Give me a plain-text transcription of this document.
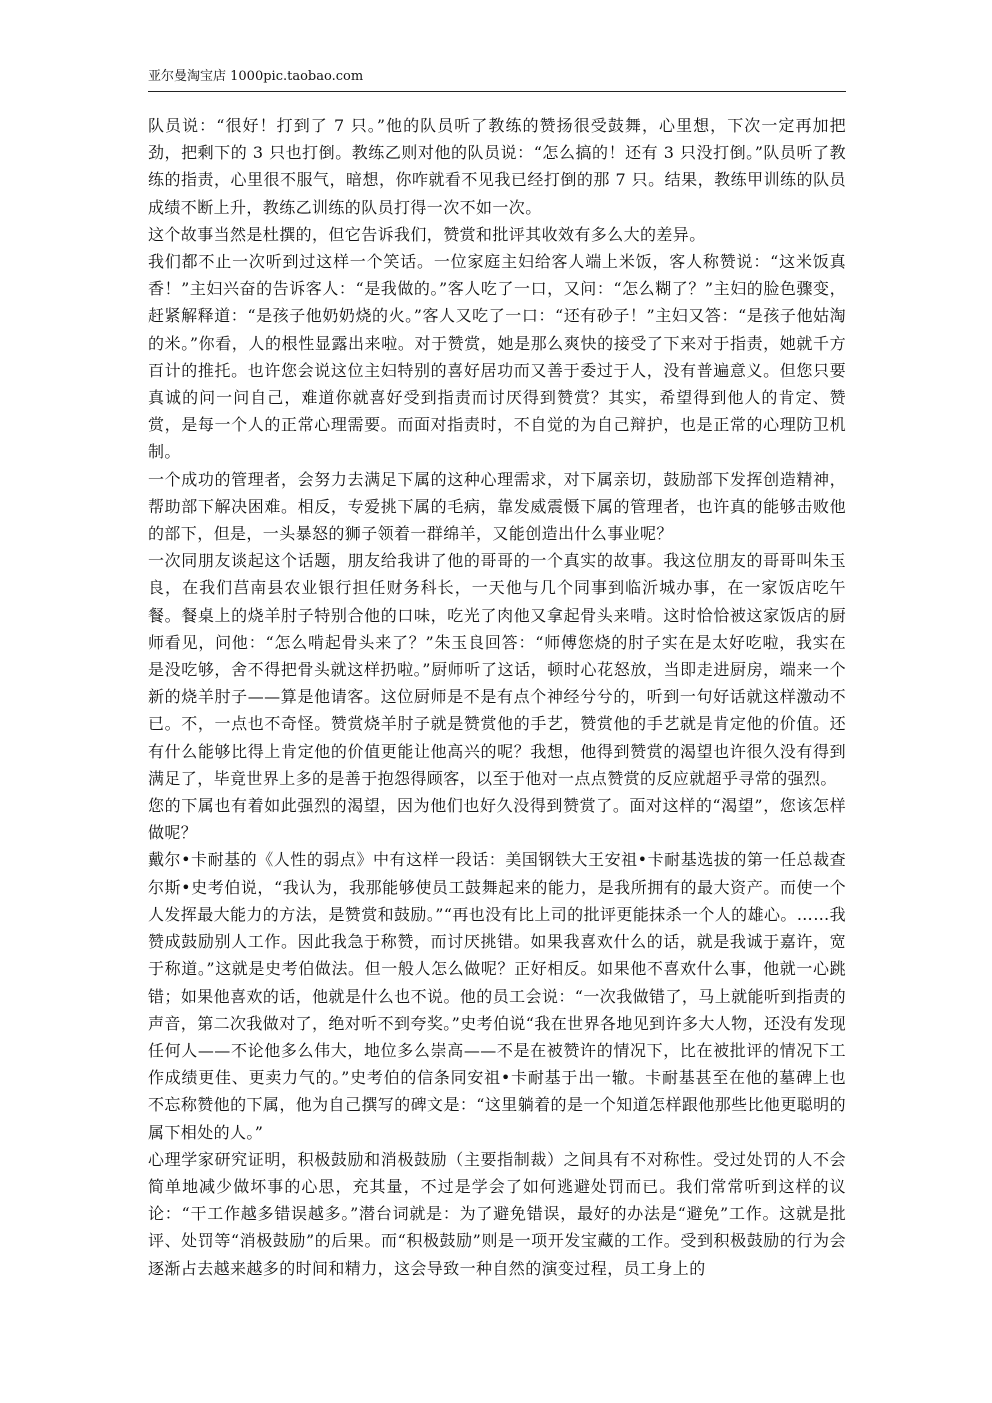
亚尔曼淘宝店 1000pic.taobao.com

队员说：“很好！打到了 7 只。”他的队员听了教练的赞扬很受鼓舞，心里想，下次一定再加把劲，把剩下的 3 只也打倒。教练乙则对他的队员说：“怎么搞的！还有 3 只没打倒。”队员听了教练的指责，心里很不服气，暗想，你咋就看不见我已经打倒的那 7 只。结果，教练甲训练的队员成绩不断上升，教练乙训练的队员打得一次不如一次。

这个故事当然是杜撰的，但它告诉我们，赞赏和批评其收效有多么大的差异。

我们都不止一次听到过这样一个笑话。一位家庭主妇给客人端上米饭，客人称赞说：“这米饭真香！”主妇兴奋的告诉客人：“是我做的。”客人吃了一口，又问：“怎么糊了？”主妇的脸色骤变，赶紧解释道：“是孩子他奶奶烧的火。”客人又吃了一口：“还有砂子！”主妇又答：“是孩子他姑淘的米。”你看，人的根性显露出来啦。对于赞赏，她是那么爽快的接受了下来对于指责，她就千方百计的推托。也许您会说这位主妇特别的喜好居功而又善于委过于人，没有普遍意义。但您只要真诚的问一问自己，难道你就喜好受到指责而讨厌得到赞赏？其实，希望得到他人的肯定、赞赏，是每一个人的正常心理需要。而面对指责时，不自觉的为自己辩护，也是正常的心理防卫机制。

一个成功的管理者，会努力去满足下属的这种心理需求，对下属亲切，鼓励部下发挥创造精神，帮助部下解决困难。相反，专爱挑下属的毛病，靠发威震慑下属的管理者，也许真的能够击败他的部下，但是，一头暴怒的狮子领着一群绵羊，又能创造出什么事业呢？

一次同朋友谈起这个话题，朋友给我讲了他的哥哥的一个真实的故事。我这位朋友的哥哥叫朱玉良，在我们莒南县农业银行担任财务科长，一天他与几个同事到临沂城办事，在一家饭店吃午餐。餐桌上的烧羊肘子特别合他的口味，吃光了肉他又拿起骨头来啃。这时恰恰被这家饭店的厨师看见，问他：“怎么啃起骨头来了？”朱玉良回答：“师傅您烧的肘子实在是太好吃啦，我实在是没吃够，舍不得把骨头就这样扔啦。”厨师听了这话，顿时心花怒放，当即走进厨房，端来一个新的烧羊肘子——算是他请客。这位厨师是不是有点个神经兮兮的，听到一句好话就这样激动不已。不，一点也不奇怪。赞赏烧羊肘子就是赞赏他的手艺，赞赏他的手艺就是肯定他的价值。还有什么能够比得上肯定他的价值更能让他高兴的呢？我想，他得到赞赏的渴望也许很久没有得到满足了，毕竟世界上多的是善于抱怨得顾客，以至于他对一点点赞赏的反应就超乎寻常的强烈。

您的下属也有着如此强烈的渴望，因为他们也好久没得到赞赏了。面对这样的“渴望”，您该怎样做呢？

戴尔•卡耐基的《人性的弱点》中有这样一段话：美国钢铁大王安祖•卡耐基选拔的第一任总裁查尔斯•史考伯说，“我认为，我那能够使员工鼓舞起来的能力，是我所拥有的最大资产。而使一个人发挥最大能力的方法，是赞赏和鼓励。”“再也没有比上司的批评更能抹杀一个人的雄心。……我赞成鼓励别人工作。因此我急于称赞，而讨厌挑错。如果我喜欢什么的话，就是我诚于嘉许，宽于称道。”这就是史考伯做法。但一般人怎么做呢？正好相反。如果他不喜欢什么事，他就一心跳错；如果他喜欢的话，他就是什么也不说。他的员工会说：“一次我做错了，马上就能听到指责的声音，第二次我做对了，绝对听不到夸奖。”史考伯说“我在世界各地见到许多大人物，还没有发现任何人——不论他多么伟大，地位多么崇高——不是在被赞许的情况下，比在被批评的情况下工作成绩更佳、更卖力气的。”史考伯的信条同安祖•卡耐基于出一辙。卡耐基甚至在他的墓碑上也不忘称赞他的下属，他为自己撰写的碑文是：“这里躺着的是一个知道怎样跟他那些比他更聪明的属下相处的人。”

心理学家研究证明，积极鼓励和消极鼓励（主要指制裁）之间具有不对称性。受过处罚的人不会简单地减少做坏事的心思，充其量，不过是学会了如何逃避处罚而已。我们常常听到这样的议论：“干工作越多错误越多。”潜台词就是：为了避免错误，最好的办法是“避免”工作。这就是批评、处罚等“消极鼓励”的后果。而“积极鼓励”则是一项开发宝藏的工作。受到积极鼓励的行为会逐渐占去越来越多的时间和精力，这会导致一种自然的演变过程，员工身上的
